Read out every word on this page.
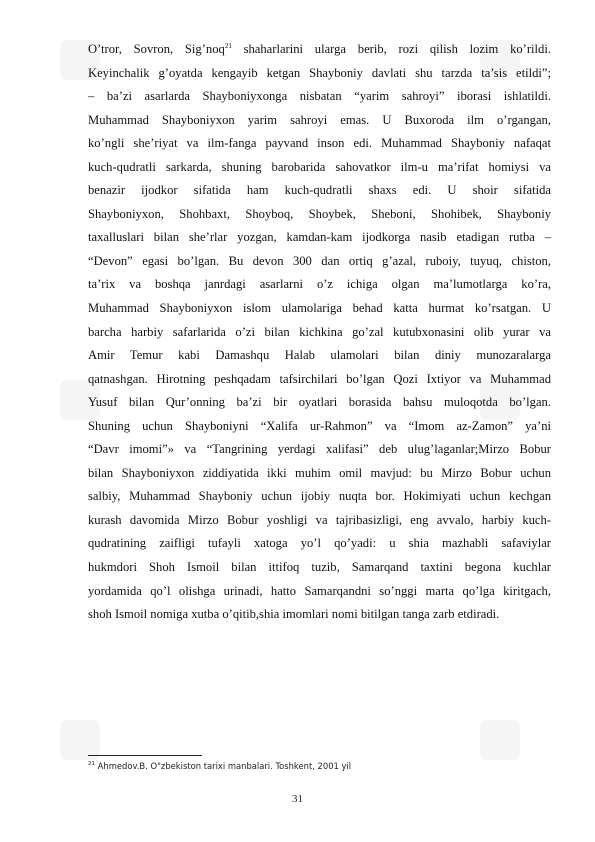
O’tror, Sovron, Sig’noq$^{21}$ shaharlarini ularga berib, rozi qilish lozim ko’rildi.
Keyinchalik g’oyatda kengayib ketgan Shayboniy davlati shu tarzda ta’sis etildi”;
– ba’zi asarlarda Shayboniyxonga nisbatan “yarim sahroyi” iborasi ishlatildi.
Muhammad Shayboniyxon yarim sahroyi emas. U Buxoroda ilm o’rgangan,
ko’ngli she’riyat va ilm-fanga payvand inson edi. Muhammad Shayboniy nafaqat
kuch-qudratli sarkarda, shuning barobarida sahovatkor ilm-u ma’rifat homiysi va
benazir ijodkor sifatida ham kuch-qudratli shaxs edi. U shoir sifatida
Shayboniyxon, Shohbaxt, Shoyboq, Shoybek, Sheboni, Shohibek, Shayboniy
taxalluslari bilan she’rlar yozgan, kamdan-kam ijodkorga nasib etadigan rutba –
“Devon” egasi bo’lgan. Bu devon 300 dan ortiq g’azal, ruboiy, tuyuq, chiston,
ta’rix va boshqa janrdagi asarlarni o’z ichiga olgan ma’lumotlarga ko’ra,
Muhammad Shayboniyxon islom ulamolariga behad katta hurmat ko’rsatgan. U
barcha harbiy safarlarida o’zi bilan kichkina go’zal kutubxonasini olib yurar va
Amir Temur kabi Damashqu Halab ulamolari bilan diniy munozaralarga
qatnashgan. Hirotning peshqadam tafsirchilari bo’lgan Qozi Ixtiyor va Muhammad
Yusuf bilan Qur’onning ba’zi bir oyatlari borasida bahsu muloqotda bo’lgan.
Shuning uchun Shayboniyni “Xalifa ur-Rahmon” va “Imom az-Zamon” ya’ni
“Davr imomi”» va “Tangrining yerdagi xalifasi” deb ulug’laganlar;Mirzo Bobur
bilan Shayboniyxon ziddiyatida ikki muhim omil mavjud: bu Mirzo Bobur uchun
salbiy, Muhammad Shayboniy uchun ijobiy nuqta bor. Hokimiyati uchun kechgan
kurash davomida Mirzo Bobur yoshligi va tajribasizligi, eng avvalo, harbiy kuch-
qudratining zaifligi tufayli xatoga yo’l qo’yadi: u shia mazhabli safaviylar
hukmdori Shoh Ismoil bilan ittifoq tuzib, Samarqand taxtini begona kuchlar
yordamida qo’l olishga urinadi, hatto Samarqandni so’nggi marta qo’lga kiritgach,
shoh Ismoil nomiga xutba o’qitib,shia imomlari nomi bitilgan tanga zarb etdiradi.
$^{21}$ Ahmedov.B. O"zbekiston tarixi manbalari. Toshkent, 2001 yil
31
